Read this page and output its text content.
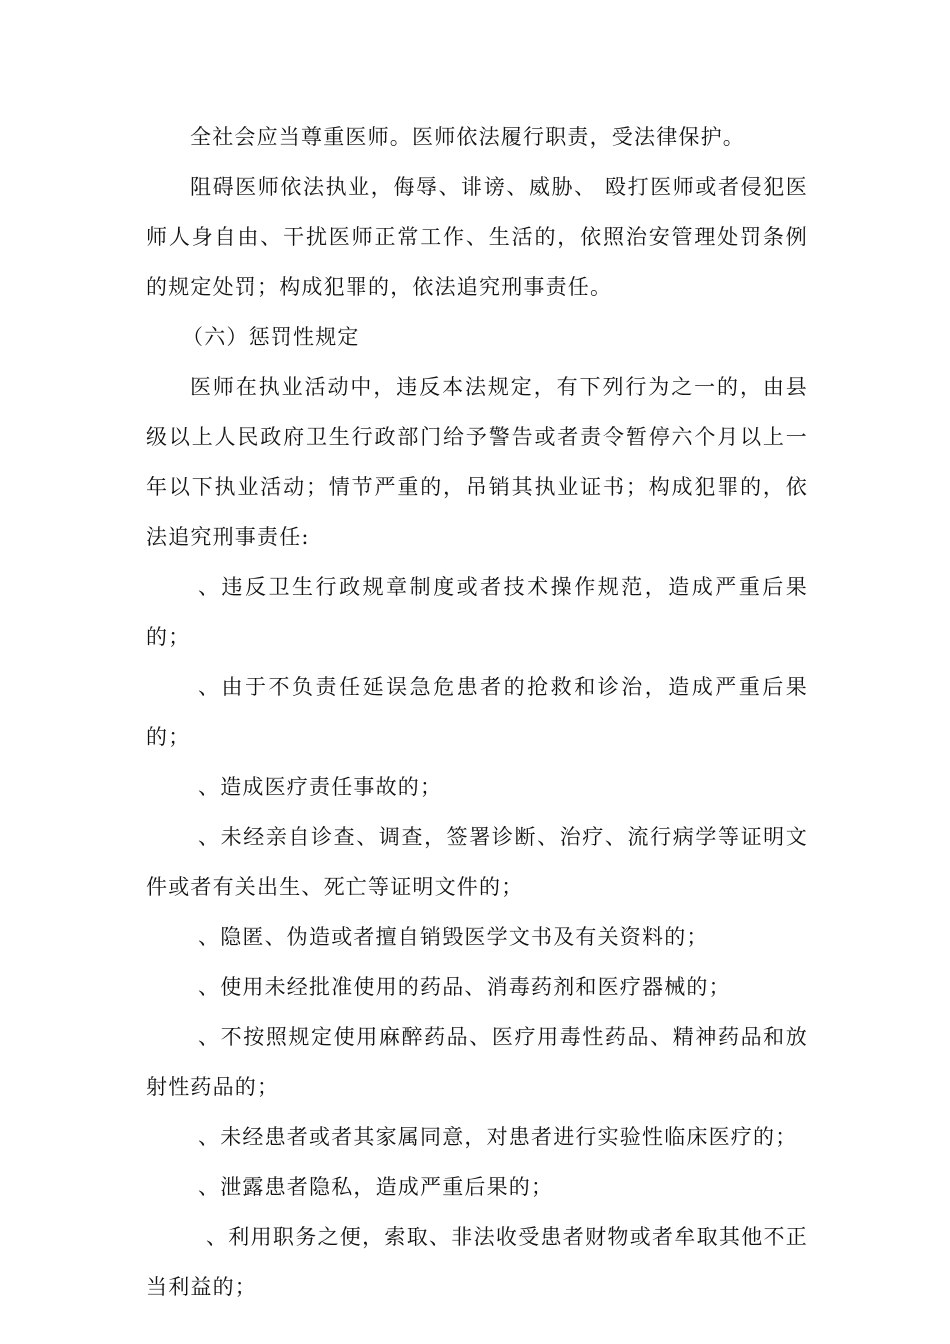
全社会应当尊重医师。医师依法履行职责，受法律保护。

阻碍医师依法执业，侮辱、诽谤、威胁、 殴打医师或者侵犯医师人身自由、干扰医师正常工作、生活的，依照治安管理处罚条例的规定处罚；构成犯罪的，依法追究刑事责任。

（六）惩罚性规定

医师在执业活动中，违反本法规定，有下列行为之一的，由县级以上人民政府卫生行政部门给予警告或者责令暂停六个月以上一年以下执业活动；情节严重的，吊销其执业证书；构成犯罪的，依法追究刑事责任:

、违反卫生行政规章制度或者技术操作规范，造成严重后果的；

、由于不负责任延误急危患者的抢救和诊治，造成严重后果的；

、造成医疗责任事故的；

、未经亲自诊查、调查，签署诊断、治疗、流行病学等证明文件或者有关出生、死亡等证明文件的；

、隐匿、伪造或者擅自销毁医学文书及有关资料的；

、使用未经批准使用的药品、消毒药剂和医疗器械的；

、不按照规定使用麻醉药品、医疗用毒性药品、精神药品和放射性药品的；

、未经患者或者其家属同意，对患者进行实验性临床医疗的；

、泄露患者隐私，造成严重后果的；

、利用职务之便，索取、非法收受患者财物或者牟取其他不正当利益的；
